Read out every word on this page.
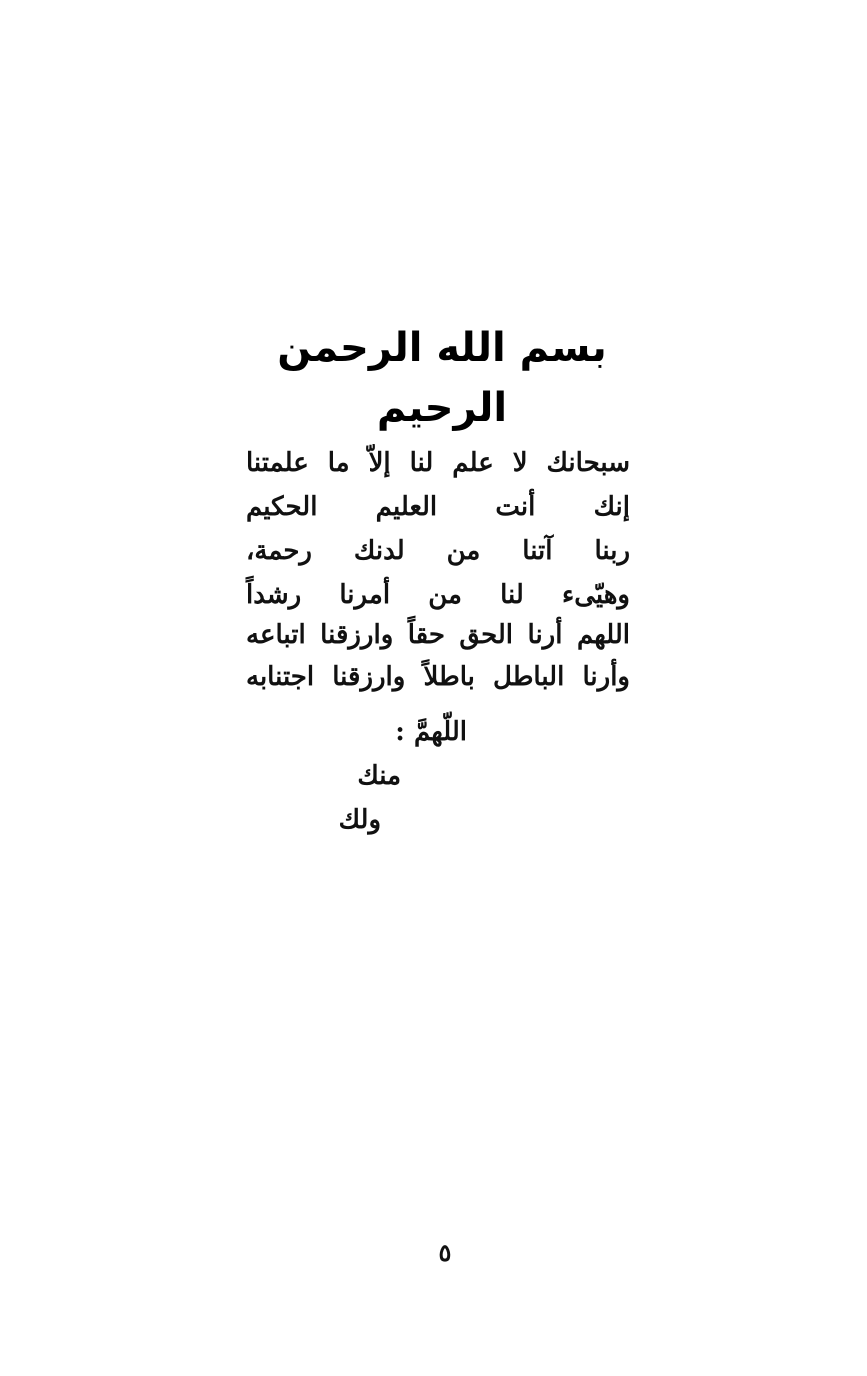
بسم الله الرحمن الرحيم
سبحانك لا علم لنا إلاّ ما علمتنا
إنك أنت العليم الحكيم
ربنا آتنا من لدنك رحمة،
وهيّىء لنا من أمرنا رشداً
اللهم أرنا الحق حقاً وارزقنا اتباعه
وأرنا الباطل باطلاً وارزقنا اجتنابه
اللّهمَّ :
منك
ولك
٥
